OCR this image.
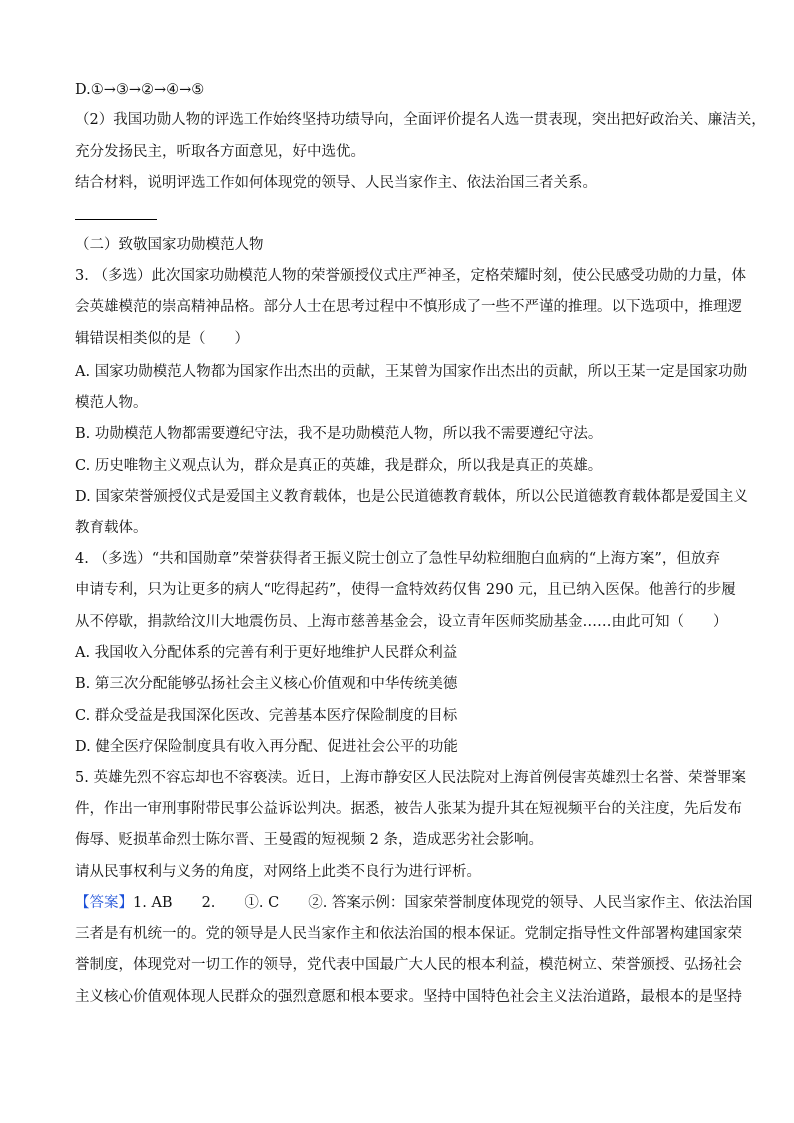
D.①→③→②→④→⑤
（2）我国功勋人物的评选工作始终坚持功绩导向，全面评价提名人选一贯表现，突出把好政治关、廉洁关，
充分发扬民主，听取各方面意见，好中选优。
结合材料，说明评选工作如何体现党的领导、人民当家作主、依法治国三者关系。
（二）致敬国家功勋模范人物
3. （多选）此次国家功勋模范人物的荣誉颁授仪式庄严神圣，定格荣耀时刻，使公民感受功勋的力量，体
会英雄模范的崇高精神品格。部分人士在思考过程中不慎形成了一些不严谨的推理。以下选项中，推理逻
辑错误相类似的是（　　）
A. 国家功勋模范人物都为国家作出杰出的贡献，王某曾为国家作出杰出的贡献，所以王某一定是国家功勋
模范人物。
B. 功勋模范人物都需要遵纪守法，我不是功勋模范人物，所以我不需要遵纪守法。
C. 历史唯物主义观点认为，群众是真正的英雄，我是群众，所以我是真正的英雄。
D. 国家荣誉颁授仪式是爱国主义教育载体，也是公民道德教育载体，所以公民道德教育载体都是爱国主义
教育载体。
4. （多选）“共和国勋章”荣誉获得者王振义院士创立了急性早幼粒细胞白血病的“上海方案”，但放弃
申请专利，只为让更多的病人“吃得起药”，使得一盒特效药仅售 290 元，且已纳入医保。他善行的步履
从不停歇，捐款给汶川大地震伤员、上海市慈善基金会，设立青年医师奖励基金……由此可知（　　）
A. 我国收入分配体系的完善有利于更好地维护人民群众利益
B. 第三次分配能够弘扬社会主义核心价值观和中华传统美德
C. 群众受益是我国深化医改、完善基本医疗保险制度的目标
D. 健全医疗保险制度具有收入再分配、促进社会公平的功能
5. 英雄先烈不容忘却也不容亵渎。近日，上海市静安区人民法院对上海首例侵害英雄烈士名誉、荣誉罪案
件，作出一审刑事附带民事公益诉讼判决。据悉，被告人张某为提升其在短视频平台的关注度，先后发布
侮辱、贬损革命烈士陈尔晋、王曼霞的短视频 2 条，造成恶劣社会影响。
请从民事权利与义务的角度，对网络上此类不良行为进行评析。
【答案】1. AB　　2.　　①. C　　②. 答案示例：国家荣誉制度体现党的领导、人民当家作主、依法治国
三者是有机统一的。党的领导是人民当家作主和依法治国的根本保证。党制定指导性文件部署构建国家荣
誉制度，体现党对一切工作的领导，党代表中国最广大人民的根本利益，模范树立、荣誉颁授、弘扬社会
主义核心价值观体现人民群众的强烈意愿和根本要求。坚持中国特色社会主义法治道路，最根本的是坚持
